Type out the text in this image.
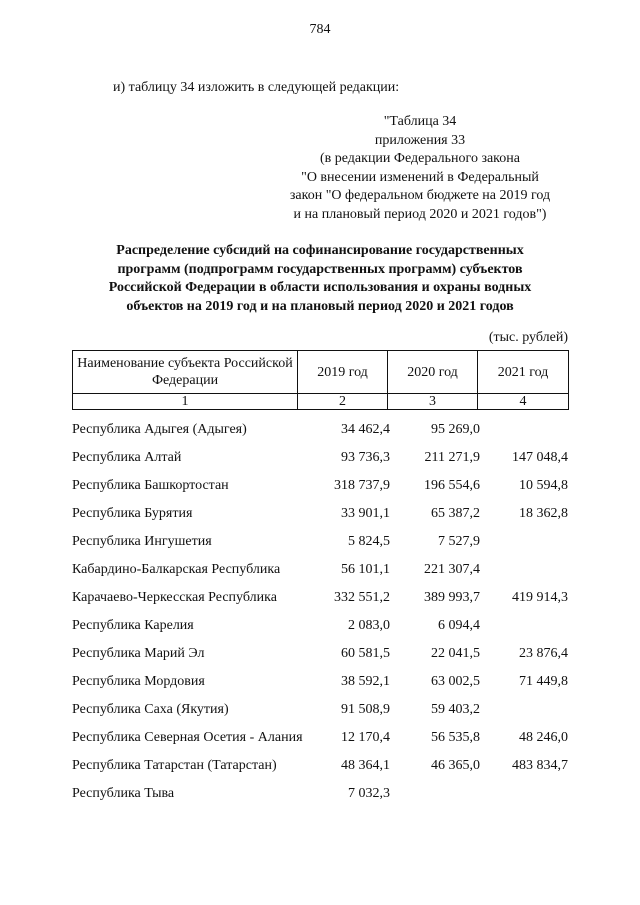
784
и) таблицу 34 изложить в следующей редакции:
"Таблица 34
приложения 33
(в редакции Федерального закона
"О внесении изменений в Федеральный
закон "О федеральном бюджете на 2019 год
и на плановый период 2020 и 2021 годов")
Распределение субсидий на софинансирование государственных
программ (подпрограмм государственных программ) субъектов
Российской Федерации в области использования и охраны водных
объектов на 2019 год и на плановый период 2020 и 2021 годов
(тыс. рублей)
Наименование субъекта Российской Федерации	2019 год	2020 год	2021 год
1	2	3	4
Республика Адыгея (Адыгея)	34 462,4	95 269,0
Республика Алтай	93 736,3	211 271,9	147 048,4
Республика Башкортостан	318 737,9	196 554,6	10 594,8
Республика Бурятия	33 901,1	65 387,2	18 362,8
Республика Ингушетия	5 824,5	7 527,9
Кабардино-Балкарская Республика	56 101,1	221 307,4
Карачаево-Черкесская Республика	332 551,2	389 993,7	419 914,3
Республика Карелия	2 083,0	6 094,4
Республика Марий Эл	60 581,5	22 041,5	23 876,4
Республика Мордовия	38 592,1	63 002,5	71 449,8
Республика Саха (Якутия)	91 508,9	59 403,2
Республика Северная Осетия - Алания	12 170,4	56 535,8	48 246,0
Республика Татарстан (Татарстан)	48 364,1	46 365,0	483 834,7
Республика Тыва	7 032,3
